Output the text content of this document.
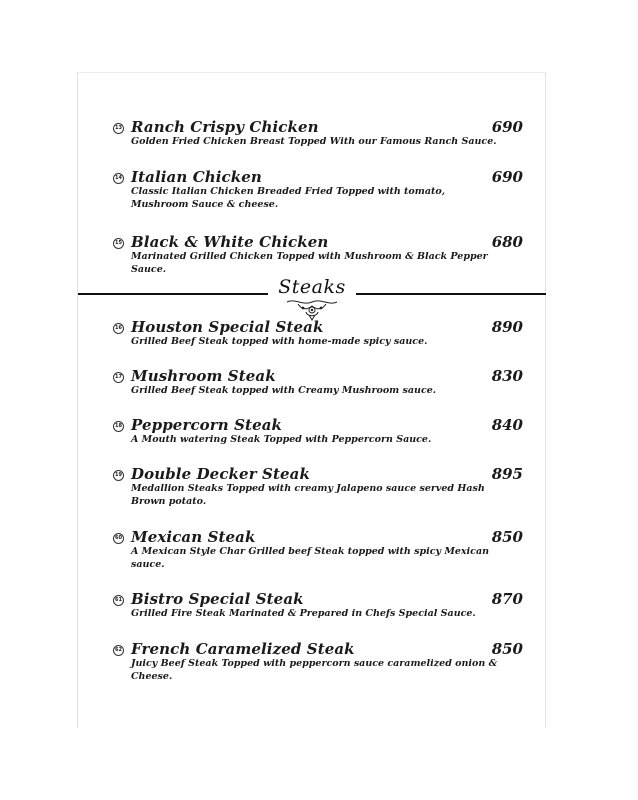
13 Ranch Crispy Chicken	690
Golden Fried Chicken Breast Topped With our Famous Ranch Sauce.
14 Italian Chicken	690
Classic Italian Chicken Breaded Fried Topped with tomato, Mushroom Sauce & cheese.
15 Black & White Chicken	680
Marinated Grilled Chicken Topped with Mushroom & Black Pepper Sauce.
Steaks
16 Houston Special Steak	890
Grilled Beef Steak topped with home-made spicy sauce.
17 Mushroom Steak	830
Grilled Beef Steak topped with Creamy Mushroom sauce.
18 Peppercorn Steak	840
A Mouth watering Steak Topped with Peppercorn Sauce.
19 Double Decker Steak	895
Medallion Steaks Topped with creamy Jalapeno sauce served Hash Brown potato.
60 Mexican Steak	850
A Mexican Style Char Grilled beef Steak topped with spicy Mexican sauce.
61 Bistro Special Steak	870
Grilled Fire Steak Marinated & Prepared in Chefs Special Sauce.
62 French Caramelized Steak	850
Juicy Beef Steak Topped with peppercorn sauce caramelized onion & Cheese.
